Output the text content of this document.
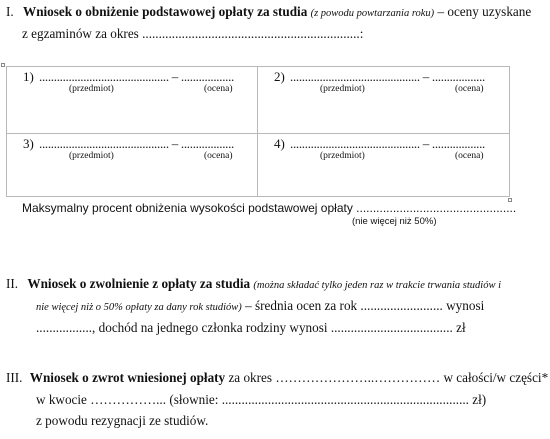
I. Wniosek o obniżenie podstawowej opłaty za studia (z powodu powtarzania roku) – oceny uzyskane
z egzaminów za okres ..................................................................:
1) ............................................ – ..................
(przedmiot)	(ocena)
2) ............................................ – ..................
(przedmiot)	(ocena)
3) ............................................ – ..................
(przedmiot)	(ocena)
4) ............................................ – ..................
(przedmiot)	(ocena)
Maksymalny procent obniżenia wysokości podstawowej opłaty ................................................
(nie więcej niż 50%)
II. Wniosek o zwolnienie z opłaty za studia (można składać tylko jeden raz w trakcie trwania studiów i
nie więcej niż o 50% opłaty za dany rok studiów) – średnia ocen za rok ......................... wynosi
................., dochód na jednego członka rodziny wynosi ..................................... zł
III. Wniosek o zwrot wniesionej opłaty za okres …………………..…………… w całości/w części*
w kwocie ……………... (słownie: ........................................................................... zł)
z powodu rezygnacji ze studiów.
